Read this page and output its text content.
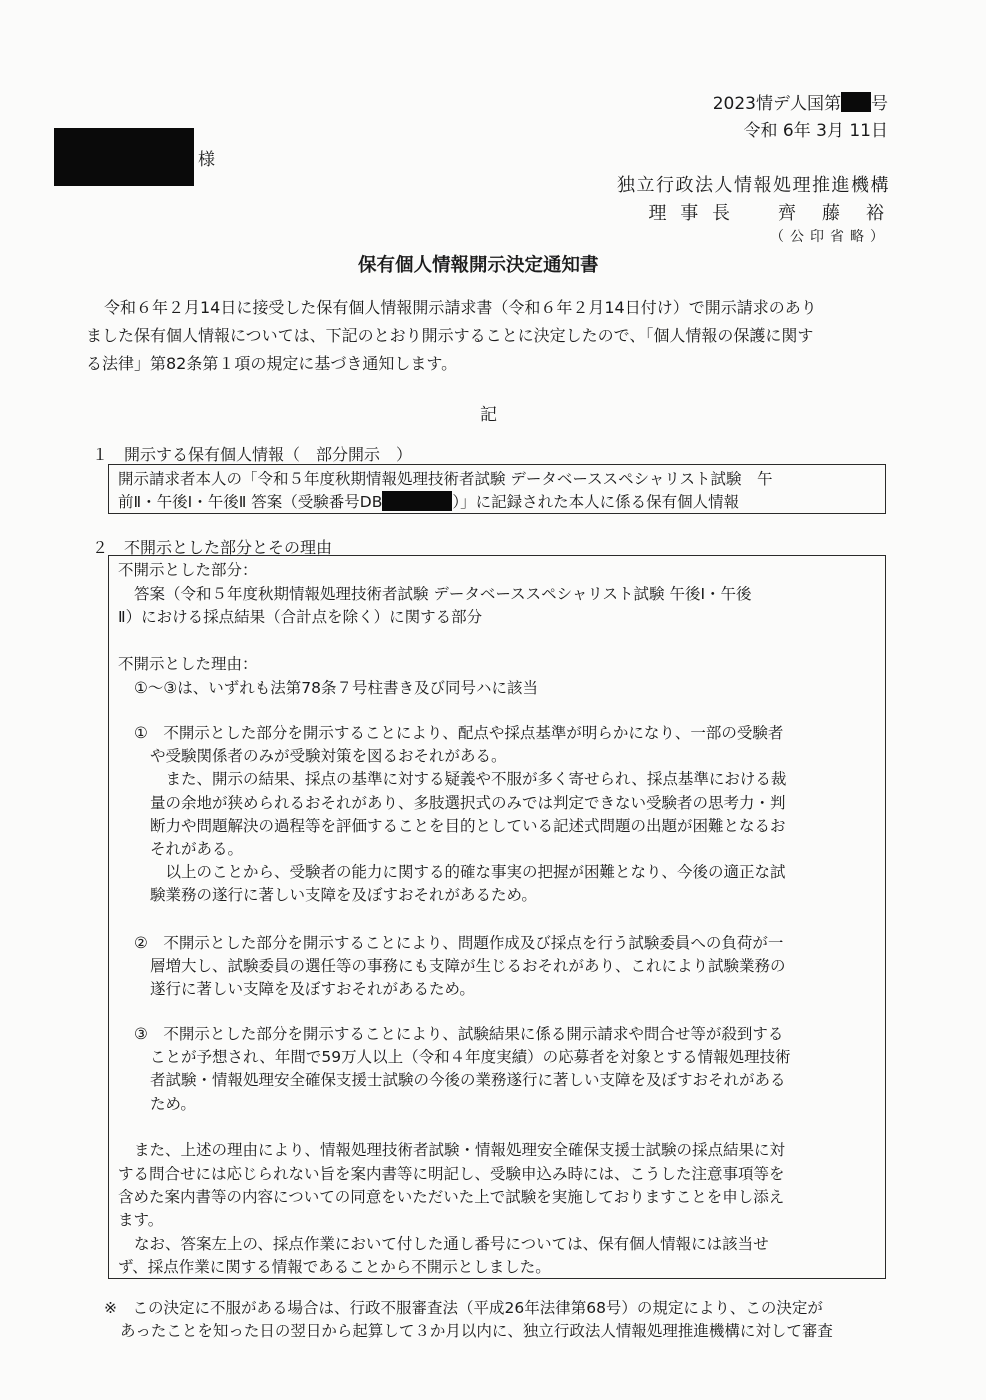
2023情デ人国第 号
令和 6年 3月 11日
様
独立行政法人情報処理推進機構
理 事 長　　齊　藤　裕
（公印省略）
保有個人情報開示決定通知書
令和６年２月14日に接受した保有個人情報開示請求書（令和６年２月14日付け）で開示請求のあり
ました保有個人情報については、下記のとおり開示することに決定したので、「個人情報の保護に関す
る法律」第82条第１項の規定に基づき通知します。
記
１　開示する保有個人情報（　部分開示　）
開示請求者本人の「令和５年度秋期情報処理技術者試験 データベーススペシャリスト試験　午
前Ⅱ・午後Ⅰ・午後Ⅱ 答案（受験番号DB	）」に記録された本人に係る保有個人情報
２　不開示とした部分とその理由
不開示とした部分：
答案（令和５年度秋期情報処理技術者試験 データベーススペシャリスト試験 午後Ⅰ・午後
Ⅱ）における採点結果（合計点を除く）に関する部分
不開示とした理由：
①～③は、いずれも法第78条７号柱書き及び同号ハに該当
①　不開示とした部分を開示することにより、配点や採点基準が明らかになり、一部の受験者
や受験関係者のみが受験対策を図るおそれがある。
　また、開示の結果、採点の基準に対する疑義や不服が多く寄せられ、採点基準における裁
量の余地が狭められるおそれがあり、多肢選択式のみでは判定できない受験者の思考力・判
断力や問題解決の過程等を評価することを目的としている記述式問題の出題が困難となるお
それがある。
　以上のことから、受験者の能力に関する的確な事実の把握が困難となり、今後の適正な試
験業務の遂行に著しい支障を及ぼすおそれがあるため。
②　不開示とした部分を開示することにより、問題作成及び採点を行う試験委員への負荷が一
層増大し、試験委員の選任等の事務にも支障が生じるおそれがあり、これにより試験業務の
遂行に著しい支障を及ぼすおそれがあるため。
③　不開示とした部分を開示することにより、試験結果に係る開示請求や問合せ等が殺到する
ことが予想され、年間で59万人以上（令和４年度実績）の応募者を対象とする情報処理技術
者試験・情報処理安全確保支援士試験の今後の業務遂行に著しい支障を及ぼすおそれがある
ため。
また、上述の理由により、情報処理技術者試験・情報処理安全確保支援士試験の採点結果に対
する問合せには応じられない旨を案内書等に明記し、受験申込み時には、こうした注意事項等を
含めた案内書等の内容についての同意をいただいた上で試験を実施しておりますことを申し添え
ます。
なお、答案左上の、採点作業において付した通し番号については、保有個人情報には該当せ
ず、採点作業に関する情報であることから不開示としました。
※　この決定に不服がある場合は、行政不服審査法（平成26年法律第68号）の規定により、この決定が
あったことを知った日の翌日から起算して３か月以内に、独立行政法人情報処理推進機構に対して審査
